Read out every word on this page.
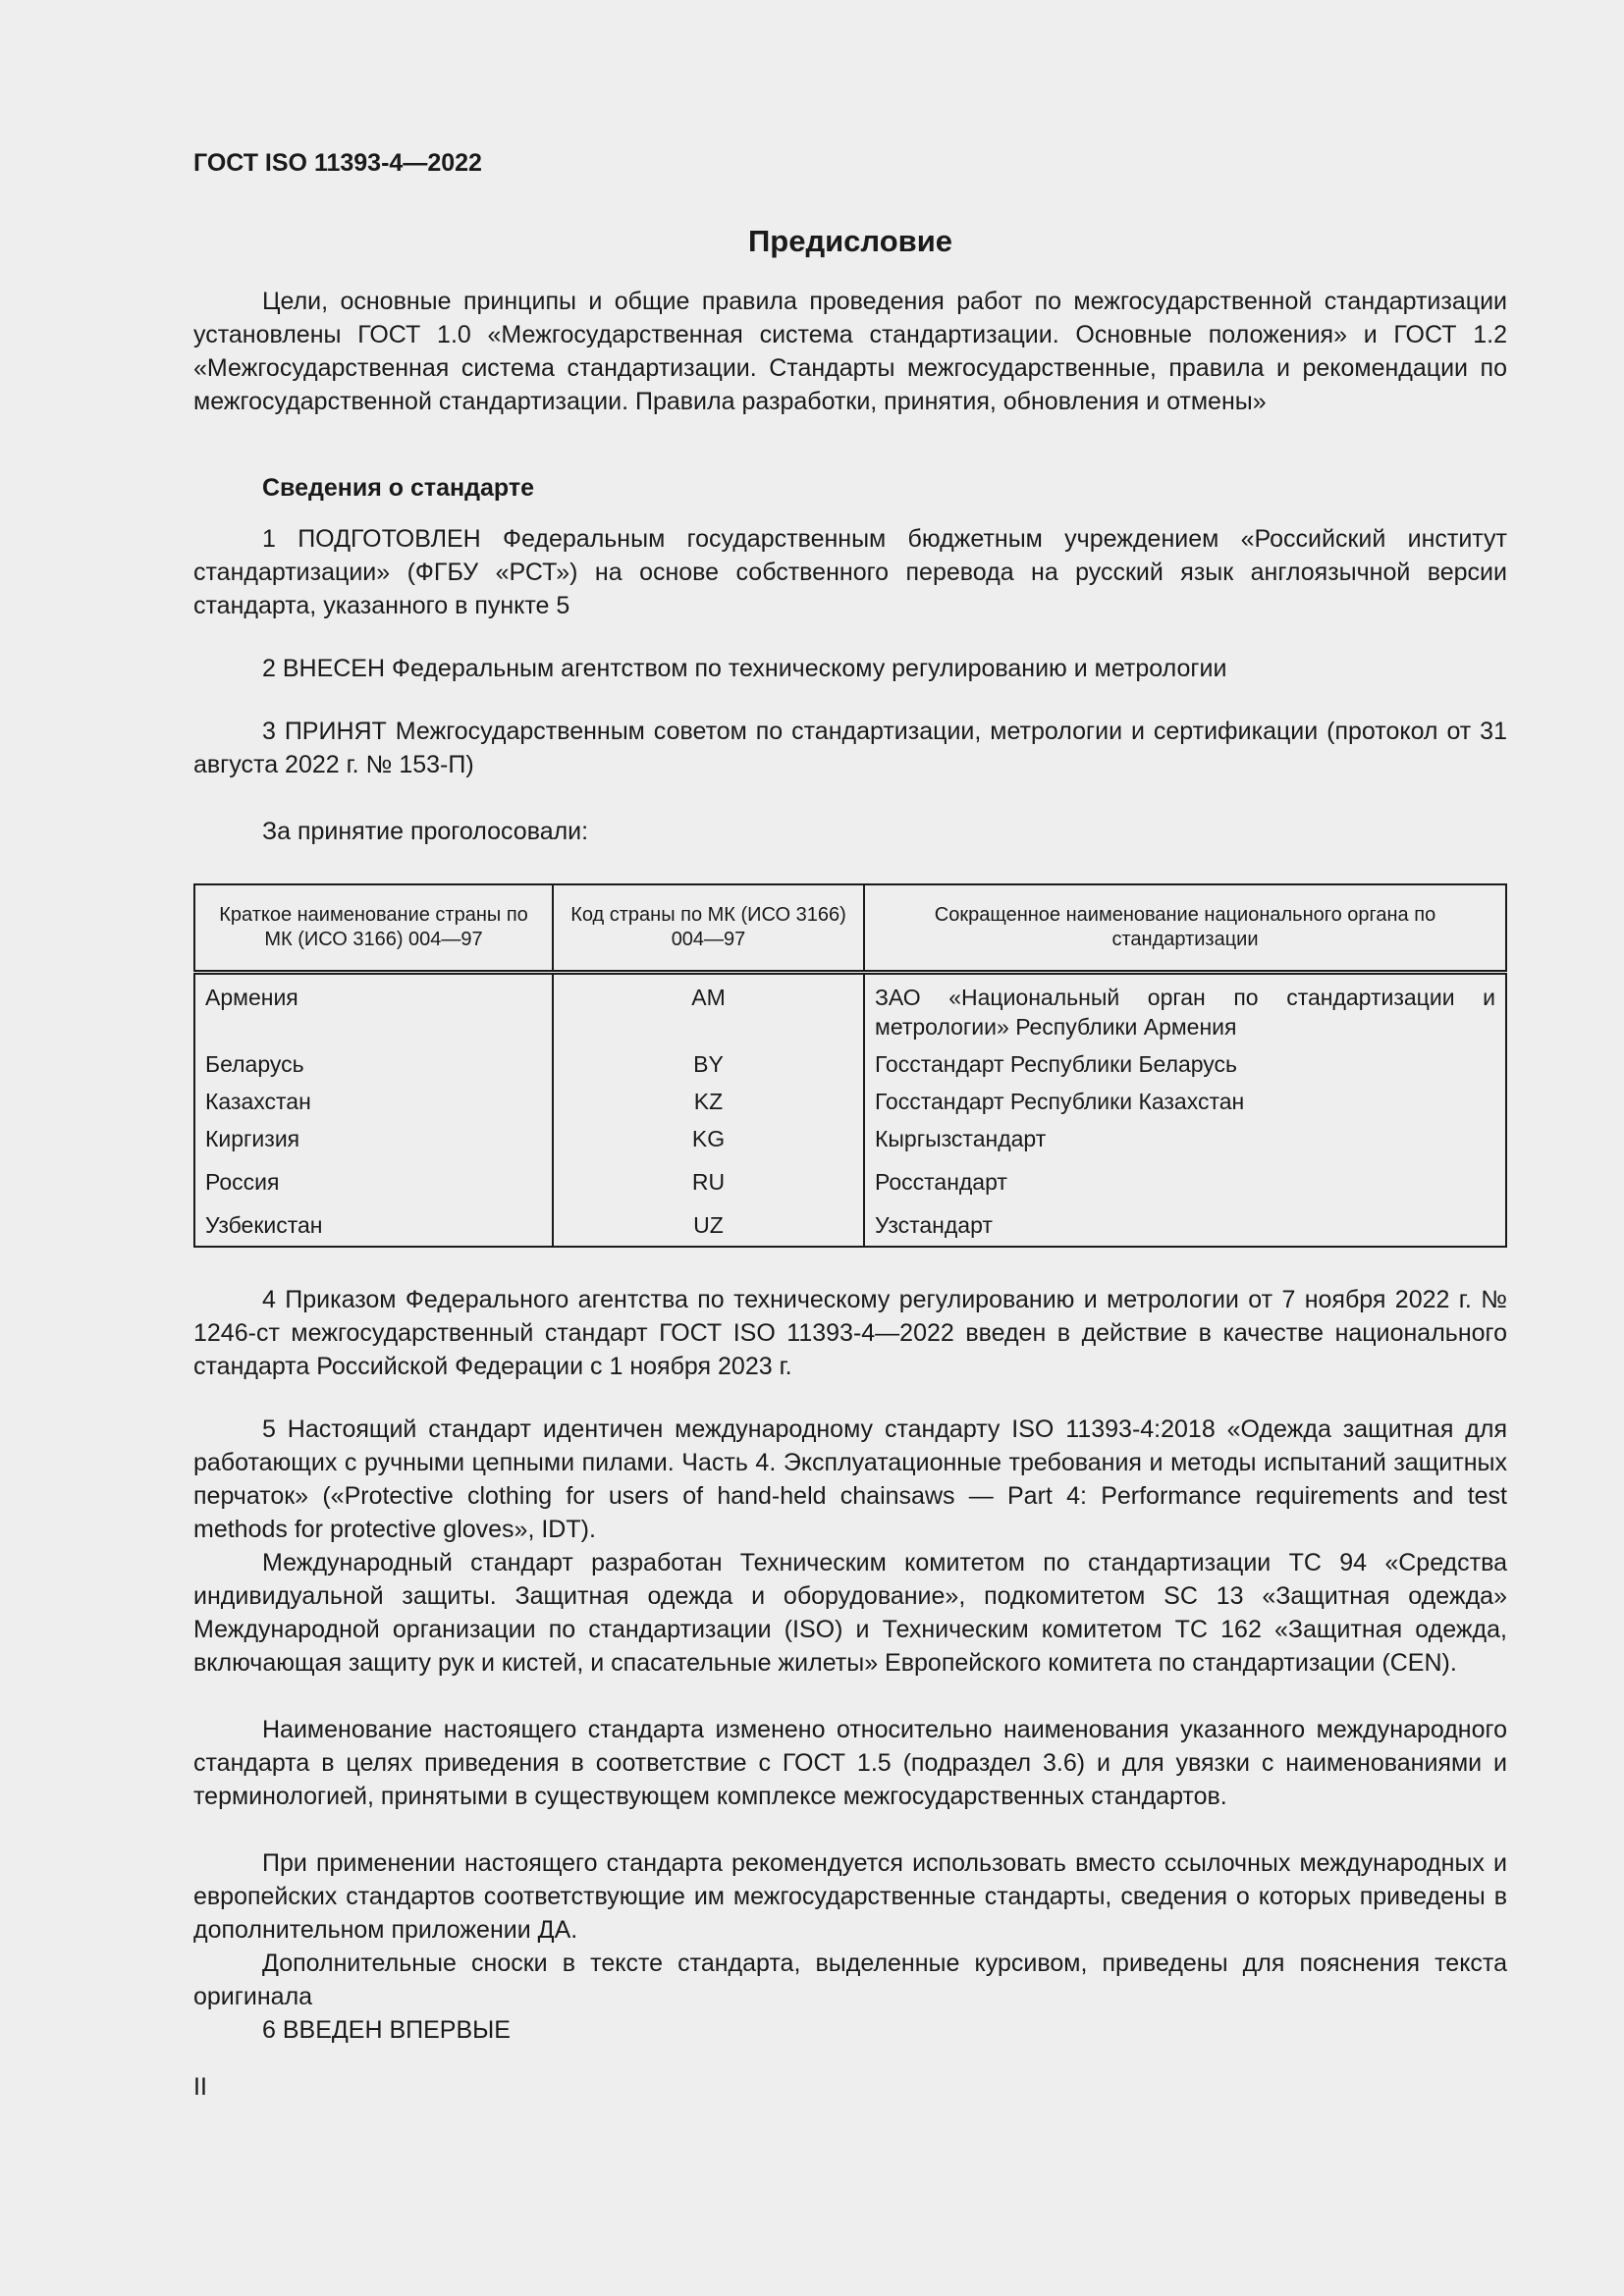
ГОСТ ISO 11393-4—2022
Предисловие

Цели, основные принципы и общие правила проведения работ по межгосударственной стандартизации установлены ГОСТ 1.0 «Межгосударственная система стандартизации. Основные положения» и ГОСТ 1.2 «Межгосударственная система стандартизации. Стандарты межгосударственные, правила и рекомендации по межгосударственной стандартизации. Правила разработки, принятия, обновления и отмены»

Сведения о стандарте

1 ПОДГОТОВЛЕН Федеральным государственным бюджетным учреждением «Российский институт стандартизации» (ФГБУ «РСТ») на основе собственного перевода на русский язык англоязычной версии стандарта, указанного в пункте 5

2 ВНЕСЕН Федеральным агентством по техническому регулированию и метрологии

3 ПРИНЯТ Межгосударственным советом по стандартизации, метрологии и сертификации (протокол от 31 августа 2022 г. № 153-П)

За принятие проголосовали:

Краткое наименование страны по МК (ИСО 3166) 004—97	Код страны по МК (ИСО 3166) 004—97	Сокращенное наименование национального органа по стандартизации
Армения	AM	ЗАО «Национальный орган по стандартизации и метрологии» Республики Армения
Беларусь	BY	Госстандарт Республики Беларусь
Казахстан	KZ	Госстандарт Республики Казахстан
Киргизия	KG	Кыргызстандарт
Россия	RU	Росстандарт
Узбекистан	UZ	Узстандарт

4 Приказом Федерального агентства по техническому регулированию и метрологии от 7 ноября 2022 г. № 1246-ст межгосударственный стандарт ГОСТ ISO 11393-4—2022 введен в действие в качестве национального стандарта Российской Федерации с 1 ноября 2023 г.

5 Настоящий стандарт идентичен международному стандарту ISO 11393-4:2018 «Одежда защитная для работающих с ручными цепными пилами. Часть 4. Эксплуатационные требования и методы испытаний защитных перчаток» («Protective clothing for users of hand-held chainsaws — Part 4: Performance requirements and test methods for protective gloves», IDT).

Международный стандарт разработан Техническим комитетом по стандартизации ТС 94 «Средства индивидуальной защиты. Защитная одежда и оборудование», подкомитетом SC 13 «Защитная одежда» Международной организации по стандартизации (ISO) и Техническим комитетом ТС 162 «Защитная одежда, включающая защиту рук и кистей, и спасательные жилеты» Европейского комитета по стандартизации (CEN).

Наименование настоящего стандарта изменено относительно наименования указанного международного стандарта в целях приведения в соответствие с ГОСТ 1.5 (подраздел 3.6) и для увязки с наименованиями и терминологией, принятыми в существующем комплексе межгосударственных стандартов.

При применении настоящего стандарта рекомендуется использовать вместо ссылочных международных и европейских стандартов соответствующие им межгосударственные стандарты, сведения о которых приведены в дополнительном приложении ДА.

Дополнительные сноски в тексте стандарта, выделенные курсивом, приведены для пояснения текста оригинала

6 ВВЕДЕН ВПЕРВЫЕ

II
